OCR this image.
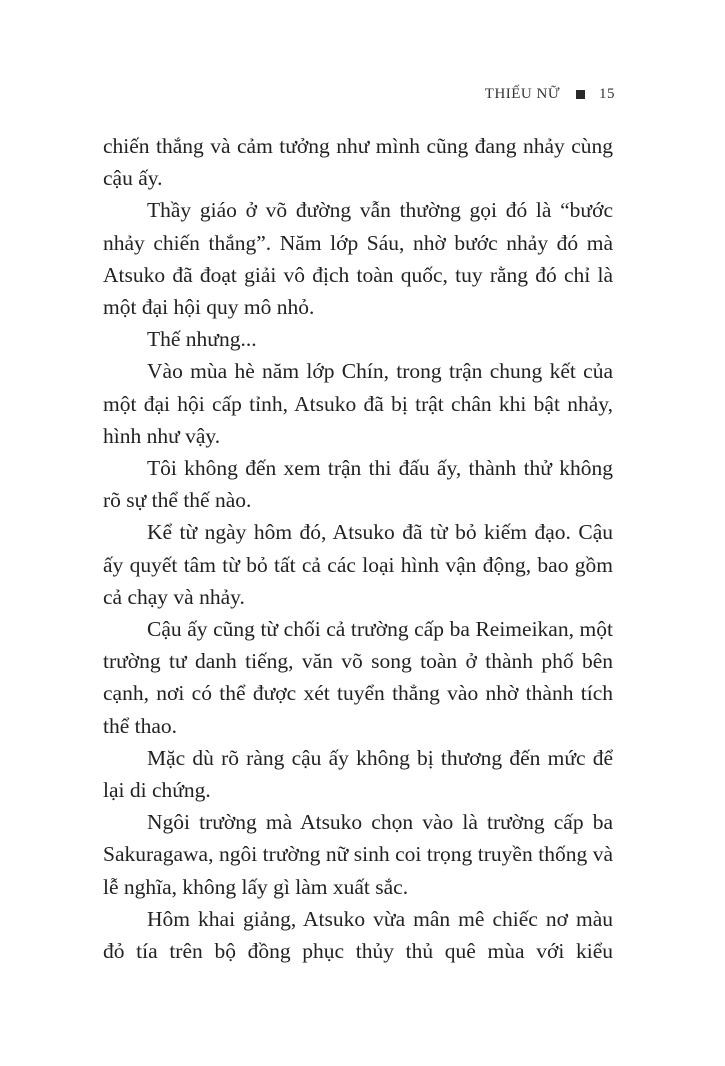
THIẾU NỮ	15

chiến thắng và cảm tưởng như mình cũng đang nhảy cùng cậu ấy.

Thầy giáo ở võ đường vẫn thường gọi đó là “bước nhảy chiến thắng”. Năm lớp Sáu, nhờ bước nhảy đó mà Atsuko đã đoạt giải vô địch toàn quốc, tuy rằng đó chỉ là một đại hội quy mô nhỏ.

Thế nhưng...

Vào mùa hè năm lớp Chín, trong trận chung kết của một đại hội cấp tỉnh, Atsuko đã bị trật chân khi bật nhảy, hình như vậy.

Tôi không đến xem trận thi đấu ấy, thành thử không rõ sự thể thế nào.

Kể từ ngày hôm đó, Atsuko đã từ bỏ kiếm đạo. Cậu ấy quyết tâm từ bỏ tất cả các loại hình vận động, bao gồm cả chạy và nhảy.

Cậu ấy cũng từ chối cả trường cấp ba Reimeikan, một trường tư danh tiếng, văn võ song toàn ở thành phố bên cạnh, nơi có thể được xét tuyển thẳng vào nhờ thành tích thể thao.

Mặc dù rõ ràng cậu ấy không bị thương đến mức để lại di chứng.

Ngôi trường mà Atsuko chọn vào là trường cấp ba Sakuragawa, ngôi trường nữ sinh coi trọng truyền thống và lễ nghĩa, không lấy gì làm xuất sắc.

Hôm khai giảng, Atsuko vừa mân mê chiếc nơ màu đỏ tía trên bộ đồng phục thủy thủ quê mùa với kiểu
